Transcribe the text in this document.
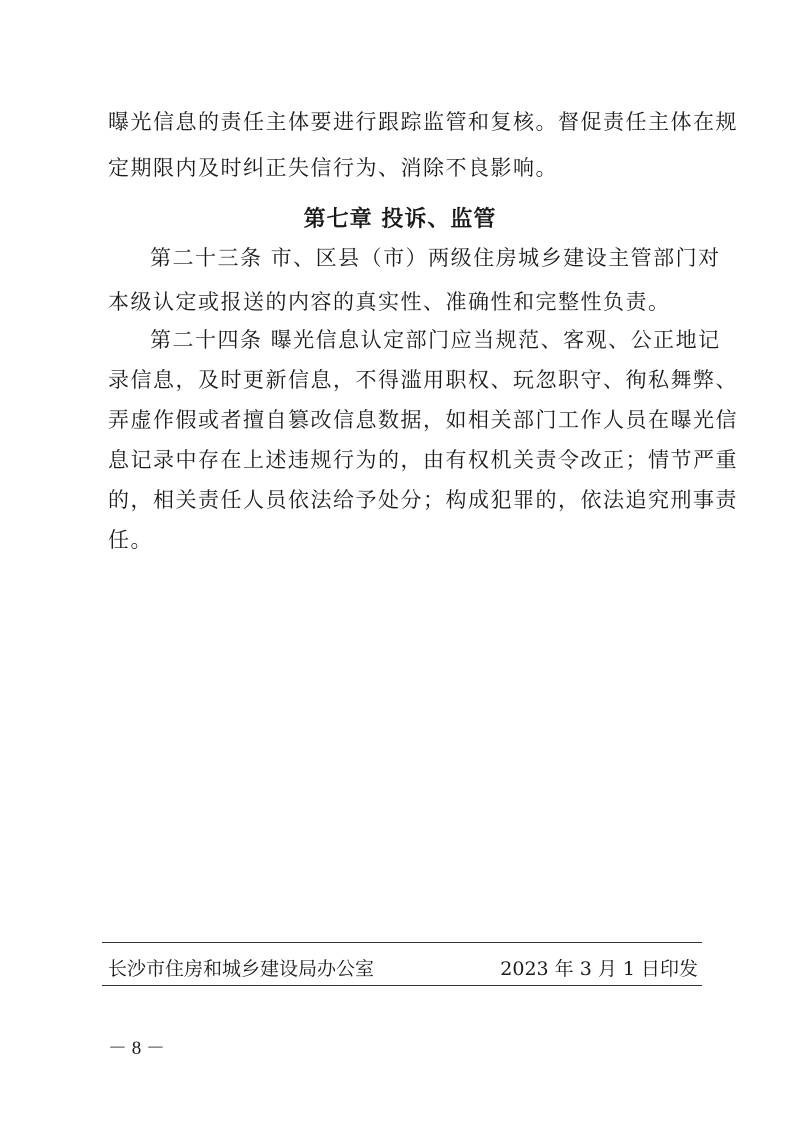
曝光信息的责任主体要进行跟踪监管和复核。督促责任主体在规
定期限内及时纠正失信行为、消除不良影响。
第七章 投诉、监管
第二十三条 市、区县（市）两级住房城乡建设主管部门对
本级认定或报送的内容的真实性、准确性和完整性负责。
第二十四条 曝光信息认定部门应当规范、客观、公正地记
录信息，及时更新信息，不得滥用职权、玩忽职守、徇私舞弊、
弄虚作假或者擅自篡改信息数据，如相关部门工作人员在曝光信
息记录中存在上述违规行为的，由有权机关责令改正；情节严重
的，相关责任人员依法给予处分；构成犯罪的，依法追究刑事责
任。
长沙市住房和城乡建设局办公室	2023 年 3 月 1 日印发
－ 8 －
